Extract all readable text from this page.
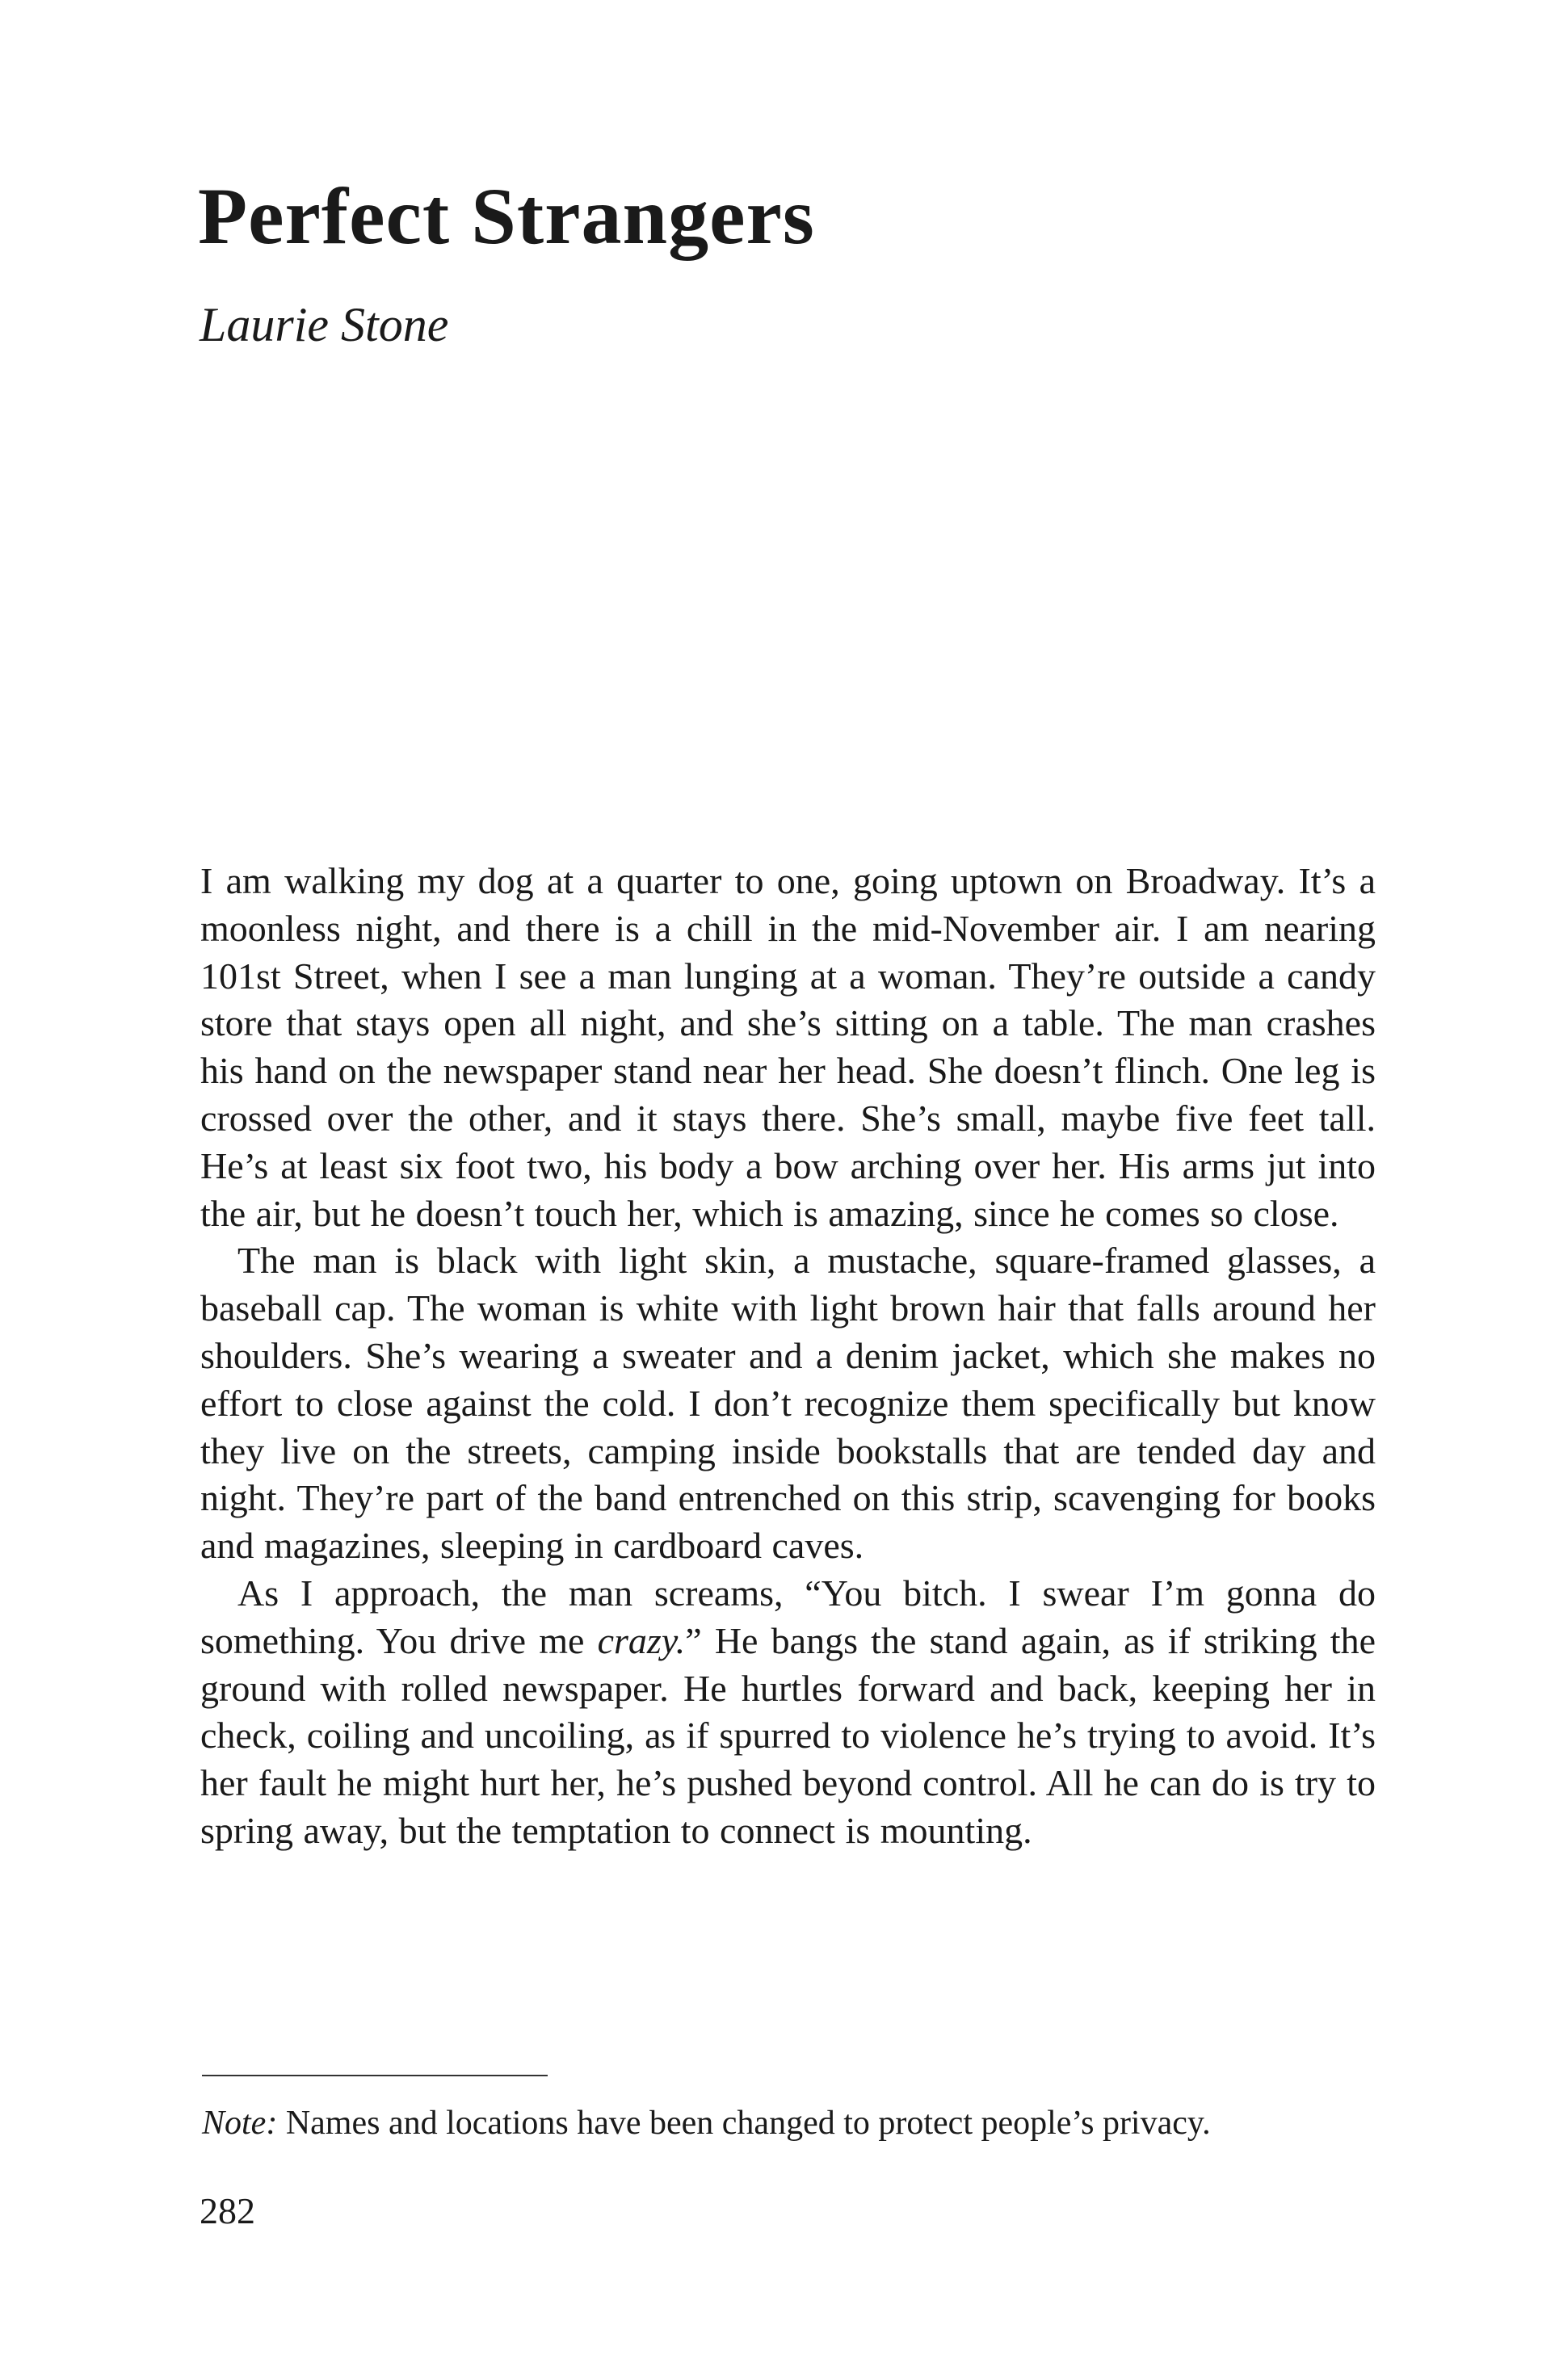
Perfect Strangers
Laurie Stone

I am walking my dog at a quarter to one, going uptown on Broadway. It’s a moonless night, and there is a chill in the mid-November air. I am nearing 101st Street, when I see a man lunging at a woman. They’re outside a candy store that stays open all night, and she’s sitting on a table. The man crashes his hand on the newspaper stand near her head. She doesn’t flinch. One leg is crossed over the other, and it stays there. She’s small, maybe five feet tall. He’s at least six foot two, his body a bow arching over her. His arms jut into the air, but he doesn’t touch her, which is amazing, since he comes so close.

The man is black with light skin, a mustache, square-framed glasses, a baseball cap. The woman is white with light brown hair that falls around her shoulders. She’s wearing a sweater and a denim jacket, which she makes no effort to close against the cold. I don’t recognize them specifically but know they live on the streets, camping inside bookstalls that are tended day and night. They’re part of the band entrenched on this strip, scavenging for books and magazines, sleeping in cardboard caves.

As I approach, the man screams, “You bitch. I swear I’m gonna do something. You drive me crazy.” He bangs the stand again, as if striking the ground with rolled newspaper. He hurtles forward and back, keeping her in check, coiling and uncoiling, as if spurred to violence he’s trying to avoid. It’s her fault he might hurt her, he’s pushed beyond control. All he can do is try to spring away, but the temptation to connect is mounting.

Note: Names and locations have been changed to protect people’s privacy.

282
